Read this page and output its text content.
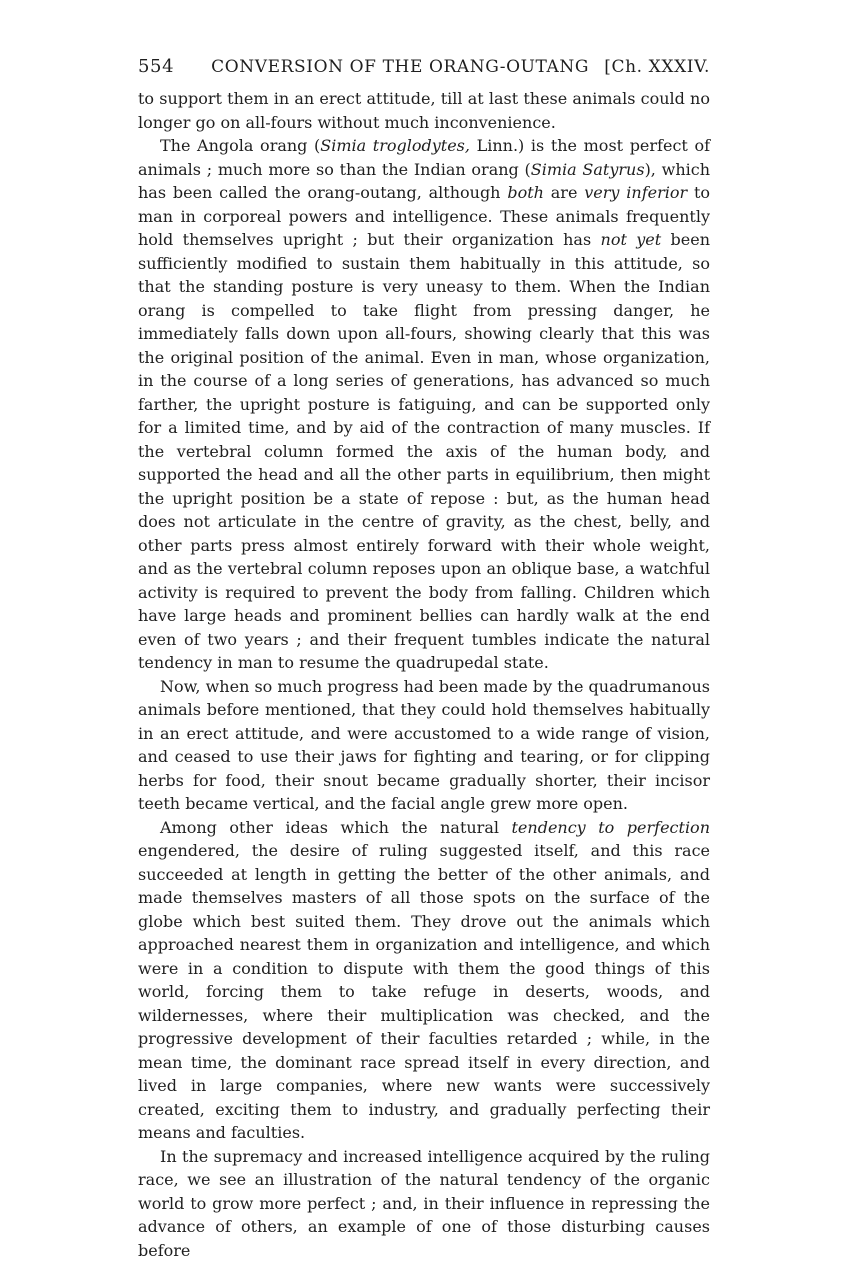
554	CONVERSION OF THE ORANG-OUTANG [Ch. XXXIV.

to support them in an erect attitude, till at last these animals could no longer go on all-fours without much inconvenience.

The Angola orang (Simia troglodytes, Linn.) is the most perfect of animals ; much more so than the Indian orang (Simia Satyrus), which has been called the orang-outang, although both are very inferior to man in corporeal powers and intelligence. These animals frequently hold themselves upright ; but their organization has not yet been sufficiently modified to sustain them habitually in this attitude, so that the standing posture is very uneasy to them. When the Indian orang is compelled to take flight from pressing danger, he immediately falls down upon all-fours, showing clearly that this was the original position of the animal. Even in man, whose organization, in the course of a long series of generations, has advanced so much farther, the upright posture is fatiguing, and can be supported only for a limited time, and by aid of the contraction of many muscles. If the vertebral column formed the axis of the human body, and supported the head and all the other parts in equilibrium, then might the upright position be a state of repose : but, as the human head does not articulate in the centre of gravity, as the chest, belly, and other parts press almost entirely forward with their whole weight, and as the vertebral column reposes upon an oblique base, a watchful activity is required to prevent the body from falling. Children which have large heads and prominent bellies can hardly walk at the end even of two years ; and their frequent tumbles indicate the natural tendency in man to resume the quadrupedal state.

Now, when so much progress had been made by the quadrumanous animals before mentioned, that they could hold themselves habitually in an erect attitude, and were accustomed to a wide range of vision, and ceased to use their jaws for fighting and tearing, or for clipping herbs for food, their snout became gradually shorter, their incisor teeth became vertical, and the facial angle grew more open.

Among other ideas which the natural tendency to perfection engendered, the desire of ruling suggested itself, and this race succeeded at length in getting the better of the other animals, and made themselves masters of all those spots on the surface of the globe which best suited them. They drove out the animals which approached nearest them in organization and intelligence, and which were in a condition to dispute with them the good things of this world, forcing them to take refuge in deserts, woods, and wildernesses, where their multiplication was checked, and the progressive development of their faculties retarded ; while, in the mean time, the dominant race spread itself in every direction, and lived in large companies, where new wants were successively created, exciting them to industry, and gradually perfecting their means and faculties.

In the supremacy and increased intelligence acquired by the ruling race, we see an illustration of the natural tendency of the organic world to grow more perfect ; and, in their influence in repressing the advance of others, an example of one of those disturbing causes before
